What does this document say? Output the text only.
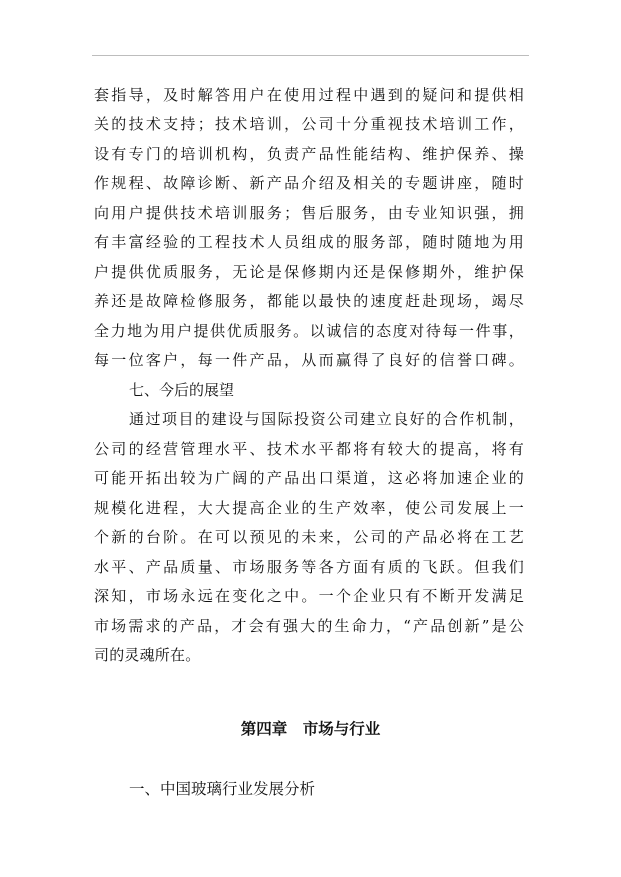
套指导，及时解答用户在使用过程中遇到的疑问和提供相
关的技术支持；技术培训，公司十分重视技术培训工作，
设有专门的培训机构，负责产品性能结构、维护保养、操
作规程、故障诊断、新产品介绍及相关的专题讲座，随时
向用户提供技术培训服务；售后服务，由专业知识强，拥
有丰富经验的工程技术人员组成的服务部，随时随地为用
户提供优质服务，无论是保修期内还是保修期外，维护保
养还是故障检修服务，都能以最快的速度赶赴现场，竭尽
全力地为用户提供优质服务。以诚信的态度对待每一件事，
每一位客户，每一件产品，从而赢得了良好的信誉口碑。
七、今后的展望
通过项目的建设与国际投资公司建立良好的合作机制，
公司的经营管理水平、技术水平都将有较大的提高，将有
可能开拓出较为广阔的产品出口渠道，这必将加速企业的
规模化进程，大大提高企业的生产效率，使公司发展上一
个新的台阶。在可以预见的未来，公司的产品必将在工艺
水平、产品质量、市场服务等各方面有质的飞跃。但我们
深知，市场永远在变化之中。一个企业只有不断开发满足
市场需求的产品，才会有强大的生命力，“产品创新”是公
司的灵魂所在。
第四章　市场与行业
一、中国玻璃行业发展分析
